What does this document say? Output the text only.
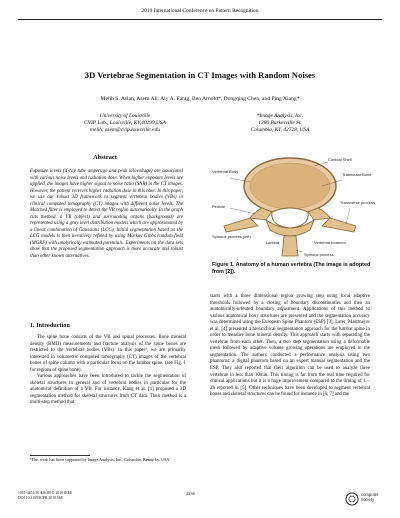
2010 International Conference on Pattern Recognition
3D Vertebrae Segmentation in CT Images with Random Noises
Melih S. Aslan, Asem Ali, Aly A. Farag, Ben Arnold*, Dongqing Chen, and Ping Xiang*
University of Louisville
CVIP Lab., Louisville, KY,40299,USA
melih, asem@cvip.louisville.edu
*Image Analysis, Inc.
1380 Burkesville St.
Columbia, KY, 42728, USA
Abstract
Exposure levels (X-ray tube amperage and peak kilovoltage) are associated with various noise levels and radiation dose. When higher exposure levels are applied, the images have higher signal to noise ratio (SNR) in the CT images. However, the patient receives higher radiation dose in this case. In this paper, we use our robust 3D framework to segment vertebral bodies (VBs) in clinical computed tomography (CT) images with different noise levels. The Matched filter is employed to detect the VB region automatically. In the graph cuts method, a VB (object) and surrounding organs (background) are represented using a gray level distribution models which are approximated by a linear combination of Gaussians (LCG). Initial segmentation based on the LCG models is then iteratively refined by using Markov Gibbs random field (MGRF) with analytically estimated potentials. Experiments on the data sets show that the proposed segmentation approach is more accurate and robust than other known alternatives.
1. Introduction

The spine bone consists of the VB and spinal processes. Bone mineral density (BMD) measurements and fracture analysis of the spine bones are restricted to the Vertebral bodies (VBs). In this paper¹, we are primarily interested in volumetric computed tomography (CT) images of the vertebral bones of spine column with a particular focus on the lumbar spine. (see Fig. 1 for regions of spine bone).

Various approaches have been introduced to tackle the segmentation of skeletal structures in general and of vertebral bodies in particular for the anatomical definition of a VB. For instance, Kang et al. [1] proposed a 3D segmentation method for skeletal structures from CT data. Their method is a multi-step method that

¹This work has been supported by Image Analysis, Inc., Columbia, Kentucky, USA.
Cortical Shell
Vertebral Body
Trabecular Bone
Pedicle
Transverse process
Spinous process (left)
Lamina	Vertebral foramen
Spinous process
Figure 1. Anatomy of a human vertebra (The image is adopted from [2]).
starts with a three dimensional region growing step using local adaptive thresholds followed by a closing of boundary discontinuities and then an anatomically-oriented boundary adjustment. Applications of this method to various anatomical bony structures are presented and the segmentation accuracy was determined using the European Spine Phantom (ESP) [3]. Later, Mastmeyer et al. [4] presented a hierarchical segmentation approach for the lumbar spine in order to measure bone mineral density. This approach starts with separating the vertebrae from each other. Then, a two step segmentation using a deformable mesh followed by adaptive volume growing operations are employed in the segmentation. The authors conducted a performance analysis using two phantoms: a digital phantom based on an expert manual segmentation and the ESP. They also reported that their algorithm can be used to analyze three vertebrae in less than 10min. This timing is far from the real time required for clinical applications but it is a huge improvement compared to the timing of 1 − 2h reported in [5]. Other techniques have been developed to segment vertebral bones and skeletal structures can be found for instance in [6, 7] and the
1051-4651/10 $26.00 © 2010 IEEE
DOI 10.1109/ICPR.2010.568
2236	computer
society
